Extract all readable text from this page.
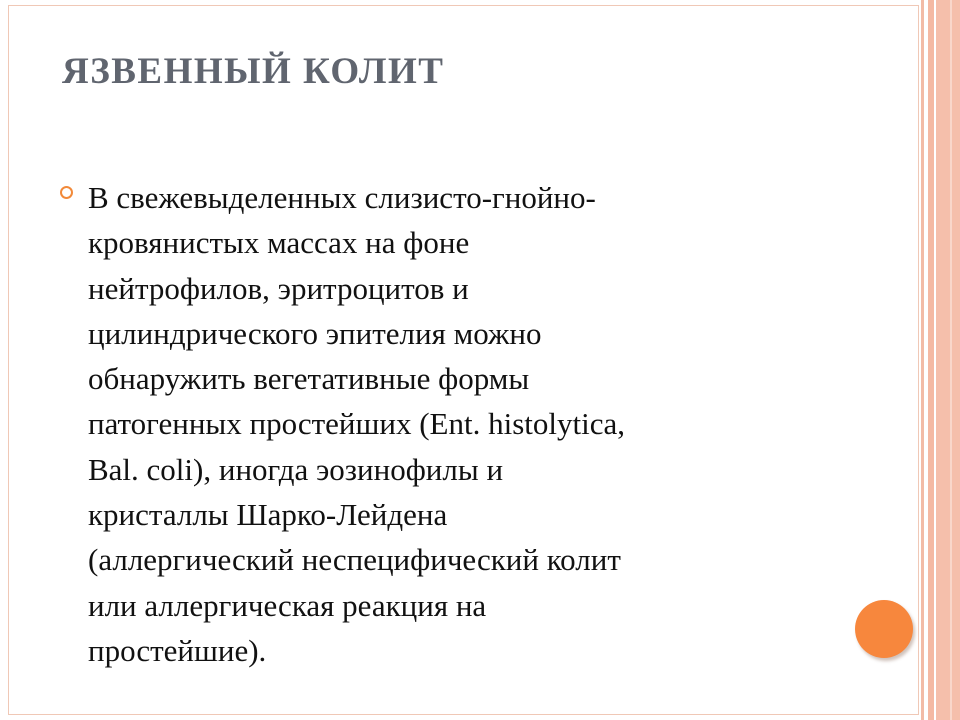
ЯЗВЕННЫЙ КОЛИТ

В свежевыделенных слизисто-гнойно-
кровянистых массах на фоне
нейтрофилов, эритроцитов и
цилиндрического эпителия можно
обнаружить вегетативные формы
патогенных простейших (Ent. histolytica,
Bal. coli), иногда эозинофилы и
кристаллы Шарко-Лейдена
(аллергический неспецифический колит
или аллергическая реакция на
простейшие).
